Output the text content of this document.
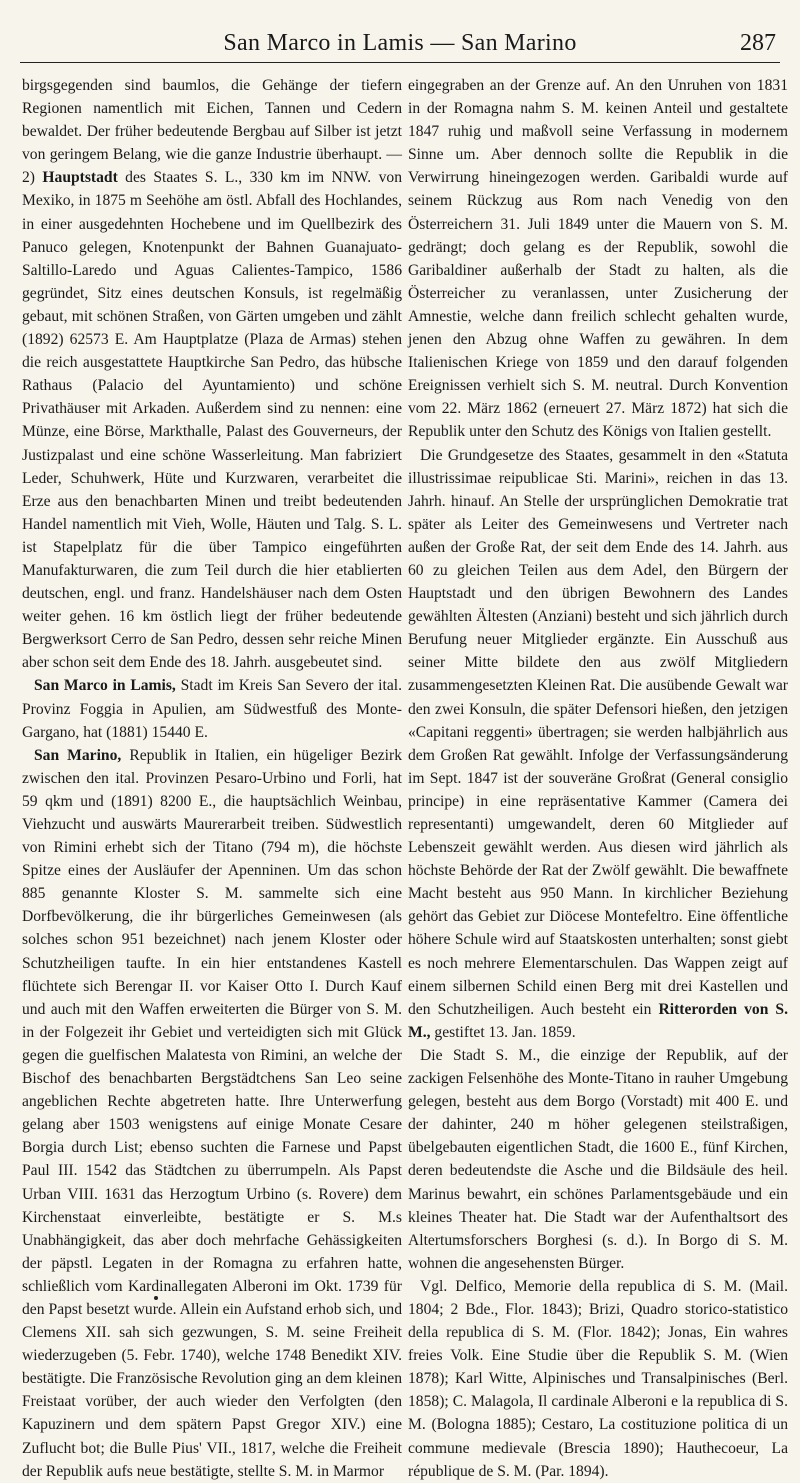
San Marco in Lamis — San Marino	287

birgsgegenden sind baumlos, die Gehänge der tiefern Regionen namentlich mit Eichen, Tannen und Cedern bewaldet. Der früher bedeutende Bergbau auf Silber ist jetzt von geringem Belang, wie die ganze Industrie überhaupt. — 2) Hauptstadt des Staates S. L., 330 km im NNW. von Mexiko, in 1875 m Seehöhe am östl. Abfall des Hochlandes, in einer ausgedehnten Hochebene und im Quellbezirk des Panuco gelegen, Knotenpunkt der Bahnen Guanajuato-Saltillo-Laredo und Aguas Calientes-Tampico, 1586 gegründet, Sitz eines deutschen Konsuls, ist regelmäßig gebaut, mit schönen Straßen, von Gärten umgeben und zählt (1892) 62573 E. Am Hauptplatze (Plaza de Armas) stehen die reich ausgestattete Hauptkirche San Pedro, das hübsche Rathaus (Palacio del Ayuntamiento) und schöne Privathäuser mit Arkaden. Außerdem sind zu nennen: eine Münze, eine Börse, Markthalle, Palast des Gouverneurs, der Justizpalast und eine schöne Wasserleitung. Man fabriziert Leder, Schuhwerk, Hüte und Kurzwaren, verarbeitet die Erze aus den benachbarten Minen und treibt bedeutenden Handel namentlich mit Vieh, Wolle, Häuten und Talg. S. L. ist Stapelplatz für die über Tampico eingeführten Manufakturwaren, die zum Teil durch die hier etablierten deutschen, engl. und franz. Handelshäuser nach dem Osten weiter gehen. 16 km östlich liegt der früher bedeutende Bergwerksort Cerro de San Pedro, dessen sehr reiche Minen aber schon seit dem Ende des 18. Jahrh. ausgebeutet sind.

San Marco in Lamis, Stadt im Kreis San Severo der ital. Provinz Foggia in Apulien, am Südwestfuß des Monte-Gargano, hat (1881) 15440 E.

San Marino, Republik in Italien, ein hügeliger Bezirk zwischen den ital. Provinzen Pesaro-Urbino und Forli, hat 59 qkm und (1891) 8200 E., die hauptsächlich Weinbau, Viehzucht und auswärts Maurerarbeit treiben. Südwestlich von Rimini erhebt sich der Titano (794 m), die höchste Spitze eines der Ausläufer der Apenninen. Um das schon 885 genannte Kloster S. M. sammelte sich eine Dorfbevölkerung, die ihr bürgerliches Gemeinwesen (als solches schon 951 bezeichnet) nach jenem Kloster oder Schutzheiligen taufte. In ein hier entstandenes Kastell flüchtete sich Berengar II. vor Kaiser Otto I. Durch Kauf und auch mit den Waffen erweiterten die Bürger von S. M. in der Folgezeit ihr Gebiet und verteidigten sich mit Glück gegen die guelfischen Malatesta von Rimini, an welche der Bischof des benachbarten Bergstädtchens San Leo seine angeblichen Rechte abgetreten hatte. Ihre Unterwerfung gelang aber 1503 wenigstens auf einige Monate Cesare Borgia durch List; ebenso suchten die Farnese und Papst Paul III. 1542 das Städtchen zu überrumpeln. Als Papst Urban VIII. 1631 das Herzogtum Urbino (s. Rovere) dem Kirchenstaat einverleibte, bestätigte er S. M.s Unabhängigkeit, das aber doch mehrfache Gehässigkeiten der päpstl. Legaten in der Romagna zu erfahren hatte, schließlich vom Kardinallegaten Alberoni im Okt. 1739 für den Papst besetzt wurde. Allein ein Aufstand erhob sich, und Clemens XII. sah sich gezwungen, S. M. seine Freiheit wiederzugeben (5. Febr. 1740), welche 1748 Benedikt XIV. bestätigte. Die Französische Revolution ging an dem kleinen Freistaat vorüber, der auch wieder den Verfolgten (den Kapuzinern und dem spätern Papst Gregor XIV.) eine Zuflucht bot; die Bulle Pius' VII., 1817, welche die Freiheit der Republik aufs neue bestätigte, stellte S. M. in Marmor

eingegraben an der Grenze auf. An den Unruhen von 1831 in der Romagna nahm S. M. keinen Anteil und gestaltete 1847 ruhig und maßvoll seine Verfassung in modernem Sinne um. Aber dennoch sollte die Republik in die Verwirrung hineingezogen werden. Garibaldi wurde auf seinem Rückzug aus Rom nach Venedig von den Österreichern 31. Juli 1849 unter die Mauern von S. M. gedrängt; doch gelang es der Republik, sowohl die Garibaldiner außerhalb der Stadt zu halten, als die Österreicher zu veranlassen, unter Zusicherung der Amnestie, welche dann freilich schlecht gehalten wurde, jenen den Abzug ohne Waffen zu gewähren. In dem Italienischen Kriege von 1859 und den darauf folgenden Ereignissen verhielt sich S. M. neutral. Durch Konvention vom 22. März 1862 (erneuert 27. März 1872) hat sich die Republik unter den Schutz des Königs von Italien gestellt.

Die Grundgesetze des Staates, gesammelt in den «Statuta illustrissimae reipublicae Sti. Marini», reichen in das 13. Jahrh. hinauf. An Stelle der ursprünglichen Demokratie trat später als Leiter des Gemeinwesens und Vertreter nach außen der Große Rat, der seit dem Ende des 14. Jahrh. aus 60 zu gleichen Teilen aus dem Adel, den Bürgern der Hauptstadt und den übrigen Bewohnern des Landes gewählten Ältesten (Anziani) besteht und sich jährlich durch Berufung neuer Mitglieder ergänzte. Ein Ausschuß aus seiner Mitte bildete den aus zwölf Mitgliedern zusammengesetzten Kleinen Rat. Die ausübende Gewalt war den zwei Konsuln, die später Defensori hießen, den jetzigen «Capitani reggenti» übertragen; sie werden halbjährlich aus dem Großen Rat gewählt. Infolge der Verfassungsänderung im Sept. 1847 ist der souveräne Großrat (General consiglio principe) in eine repräsentative Kammer (Camera dei representanti) umgewandelt, deren 60 Mitglieder auf Lebenszeit gewählt werden. Aus diesen wird jährlich als höchste Behörde der Rat der Zwölf gewählt. Die bewaffnete Macht besteht aus 950 Mann. In kirchlicher Beziehung gehört das Gebiet zur Diöcese Montefeltro. Eine öffentliche höhere Schule wird auf Staatskosten unterhalten; sonst giebt es noch mehrere Elementarschulen. Das Wappen zeigt auf einem silbernen Schild einen Berg mit drei Kastellen und den Schutzheiligen. Auch besteht ein Ritterorden von S. M., gestiftet 13. Jan. 1859.

Die Stadt S. M., die einzige der Republik, auf der zackigen Felsenhöhe des Monte-Titano in rauher Umgebung gelegen, besteht aus dem Borgo (Vorstadt) mit 400 E. und der dahinter, 240 m höher gelegenen steilstraßigen, übelgebauten eigentlichen Stadt, die 1600 E., fünf Kirchen, deren bedeutendste die Asche und die Bildsäule des heil. Marinus bewahrt, ein schönes Parlamentsgebäude und ein kleines Theater hat. Die Stadt war der Aufenthaltsort des Altertumsforschers Borghesi (s. d.). In Borgo di S. M. wohnen die angesehensten Bürger.

Vgl. Delfico, Memorie della republica di S. M. (Mail. 1804; 2 Bde., Flor. 1843); Brizi, Quadro storico-statistico della republica di S. M. (Flor. 1842); Jonas, Ein wahres freies Volk. Eine Studie über die Republik S. M. (Wien 1878); Karl Witte, Alpinisches und Transalpinisches (Berl. 1858); C. Malagola, Il cardinale Alberoni e la republica di S. M. (Bologna 1885); Cestaro, La costituzione politica di un commune medievale (Brescia 1890); Hauthecoeur, La république de S. M. (Par. 1894).
